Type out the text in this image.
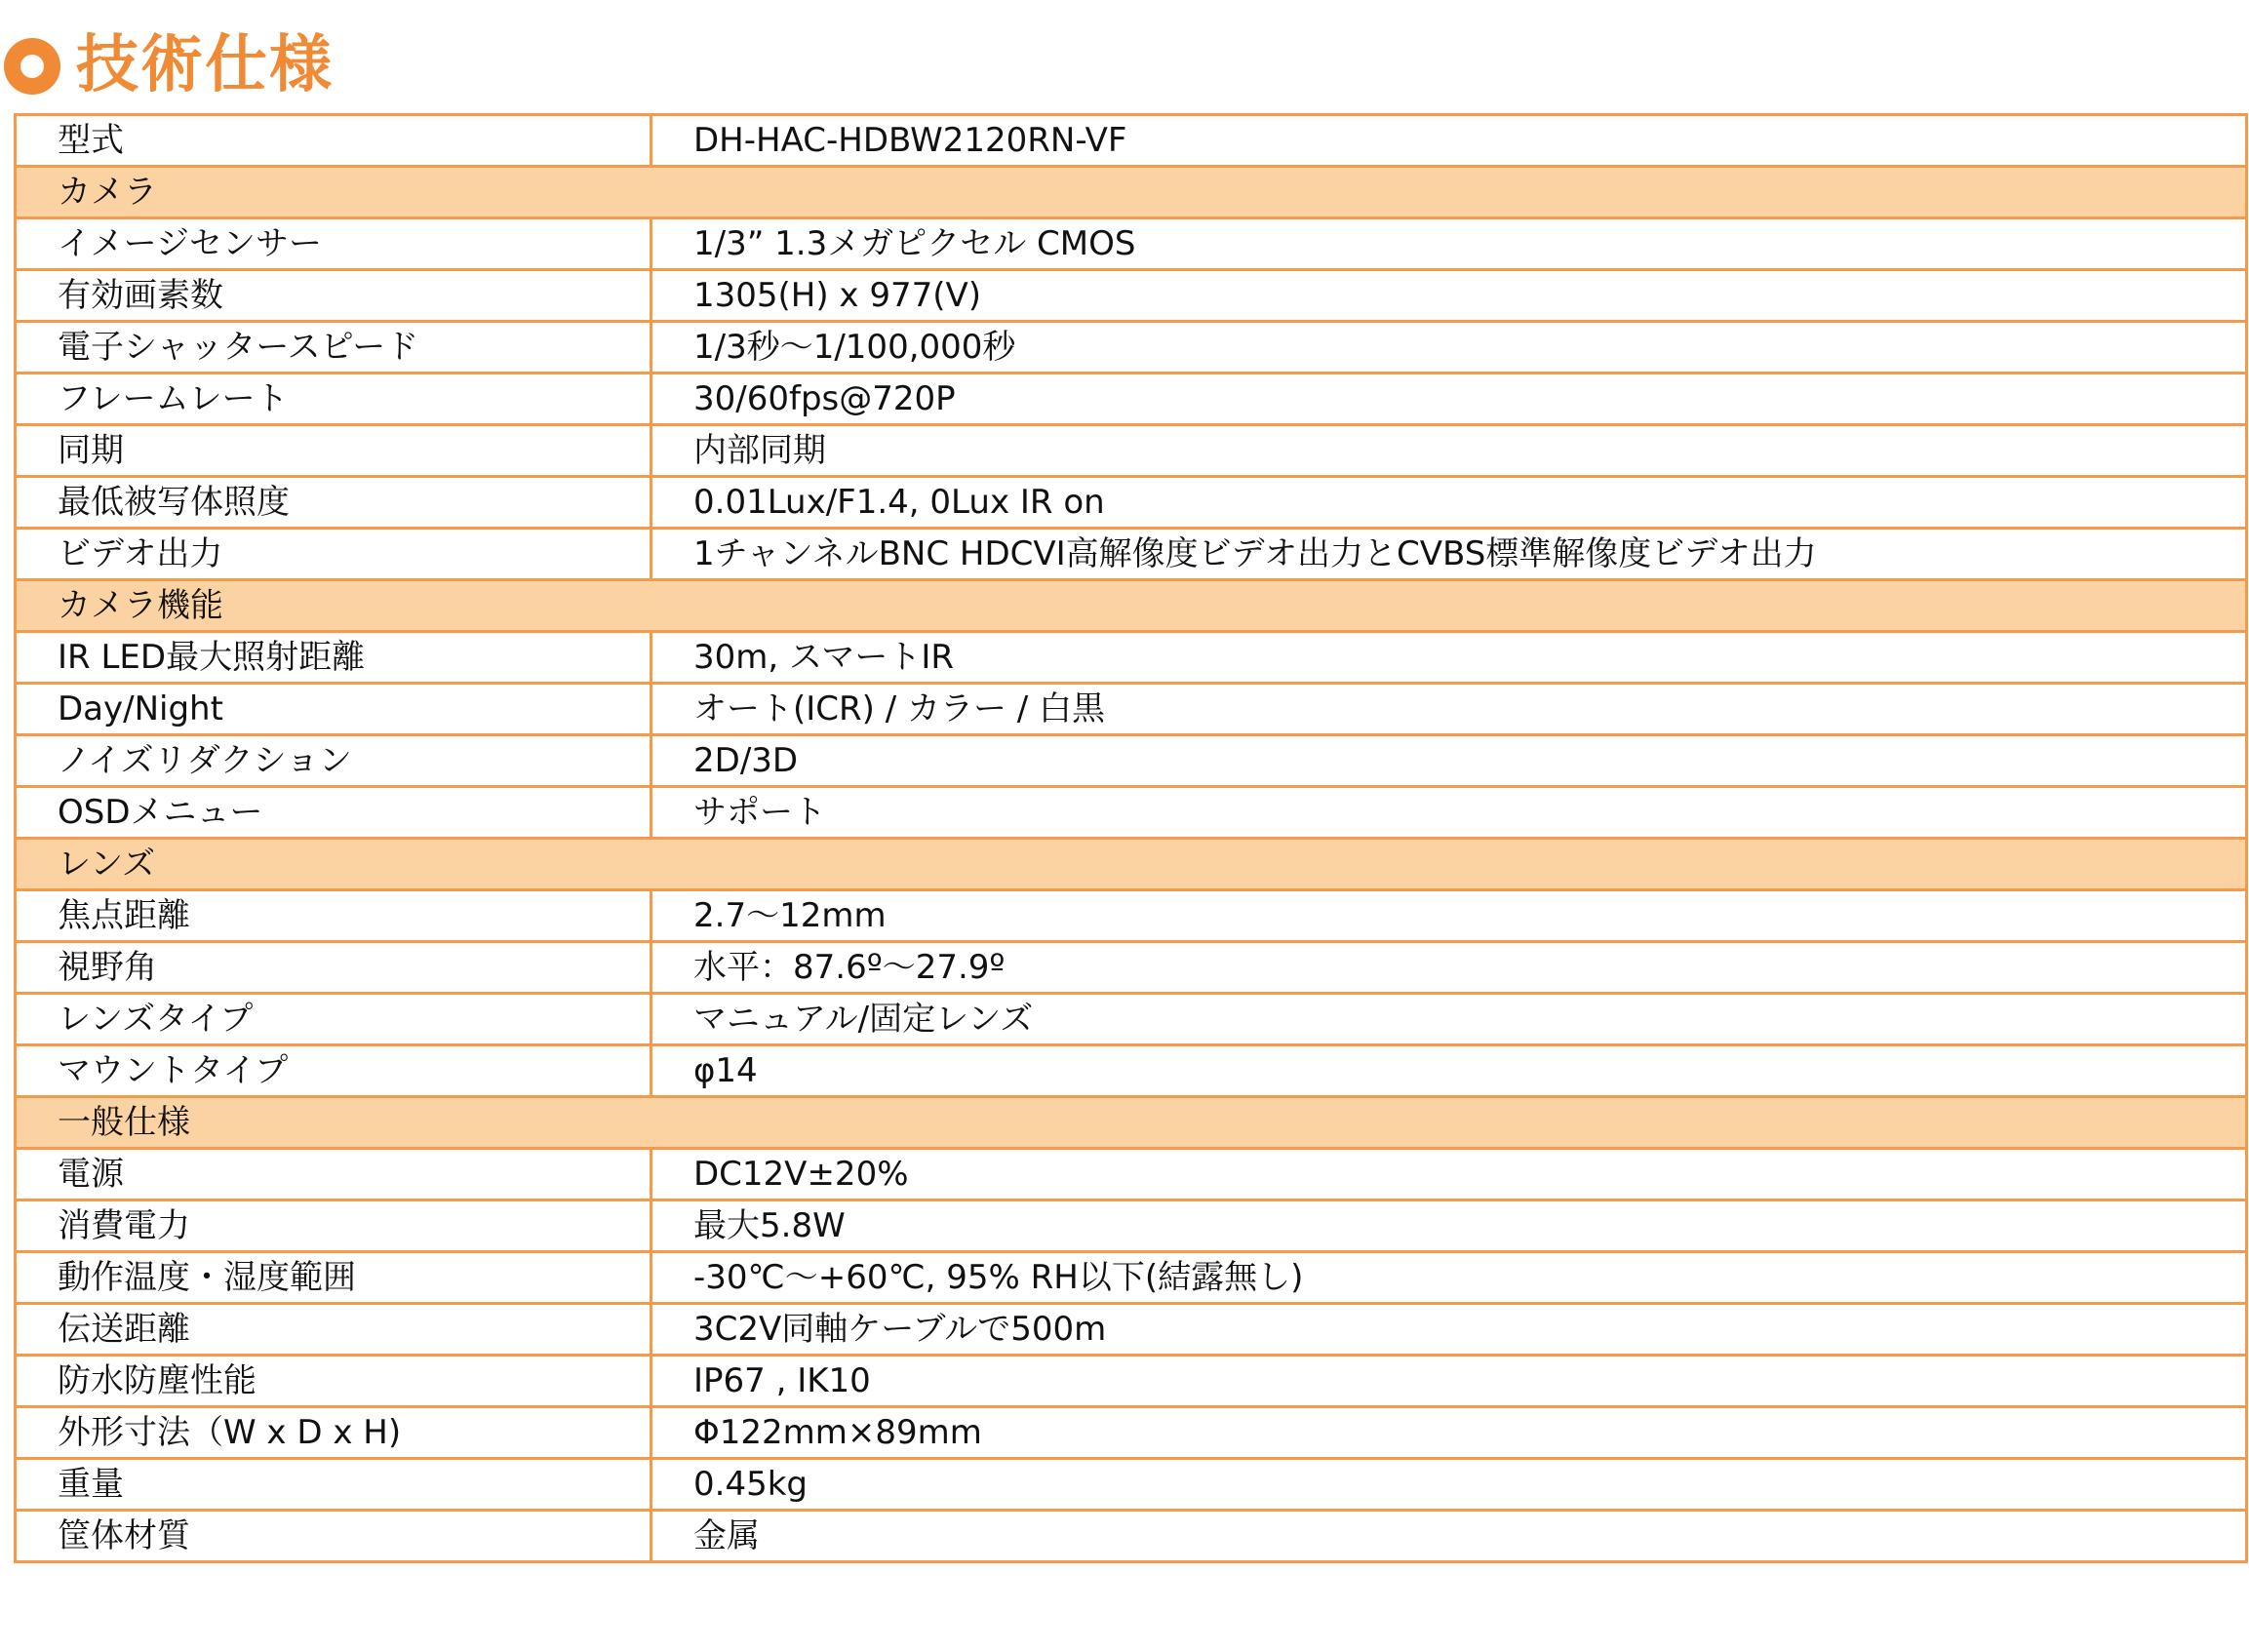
技術仕様
型式	DH-HAC-HDBW2120RN-VF
カメラ	
イメージセンサー	1/3” 1.3メガピクセル CMOS
有効画素数	1305(H) x 977(V)
電子シャッタースピード	1/3秒～1/100,000秒
フレームレート	30/60fps@720P
同期	内部同期
最低被写体照度	0.01Lux/F1.4, 0Lux IR on
ビデオ出力	1チャンネルBNC HDCVI高解像度ビデオ出力とCVBS標準解像度ビデオ出力
カメラ機能	
IR LED最大照射距離	30m, スマートIR
Day/Night	オート(ICR) / カラー / 白黒
ノイズリダクション	2D/3D
OSDメニュー	サポート
レンズ	
焦点距離	2.7～12mm
視野角	水平：87.6º～27.9º
レンズタイプ	マニュアル/固定レンズ
マウントタイプ	φ14
一般仕様	
電源	DC12V±20%
消費電力	最大5.8W
動作温度・湿度範囲	-30℃～+60℃, 95% RH以下(結露無し)
伝送距離	3C2V同軸ケーブルで500m
防水防塵性能	IP67 , IK10
外形寸法（W x D x H)	Φ122mm×89mm
重量	0.45kg
筐体材質	金属
